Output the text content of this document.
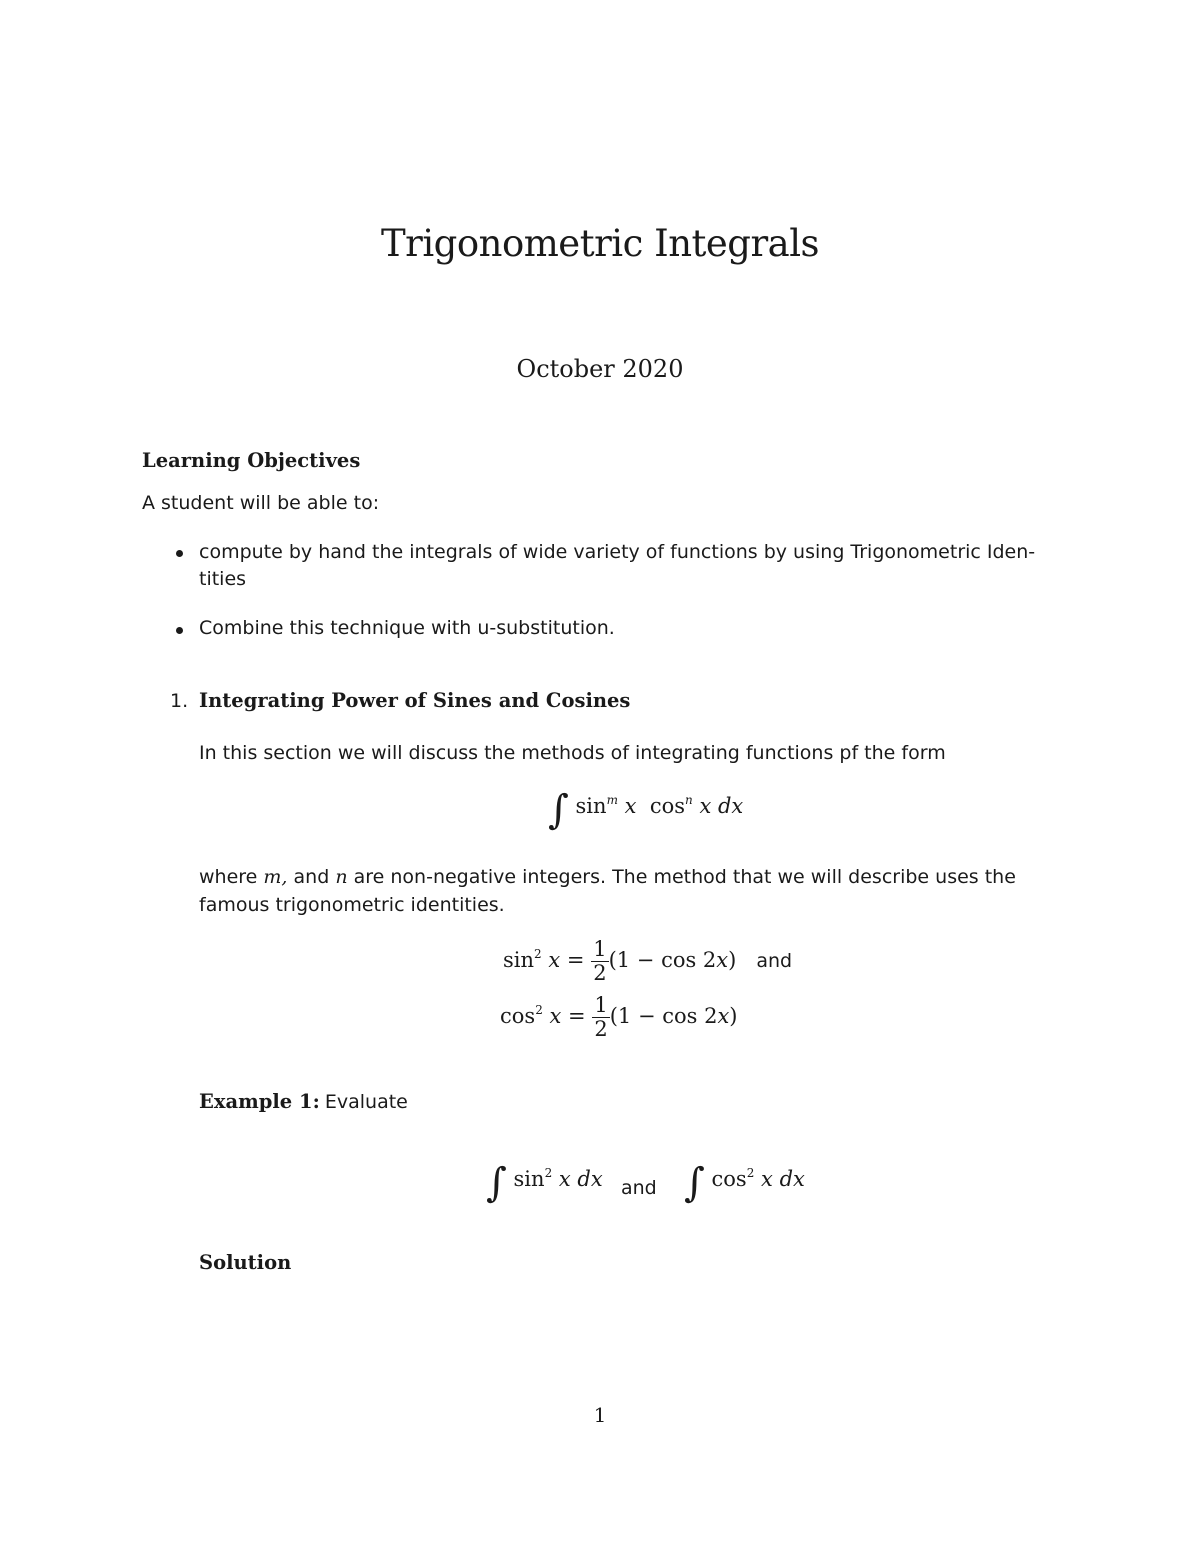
Trigonometric Integrals
October 2020
Learning Objectives
A student will be able to:
compute by hand the integrals of wide variety of functions by using Trigonometric Iden-
tities
Combine this technique with u-substitution.
1. Integrating Power of Sines and Cosines
In this section we will discuss the methods of integrating functions pf the form
∫ $\sin^m x$ $\cos^n x$ dx
where m, and n are non-negative integers. The method that we will describe uses the
famous trigonometric identities.
$\sin^2 x = \frac{1}{2} (1 - \cos 2x)$ and
$\cos^2 x = \frac{1}{2} (1 - \cos 2x)$
Example 1: Evaluate
∫ $\sin^2 x$ dx and ∫ $\cos^2 x$ dx
Solution
1
